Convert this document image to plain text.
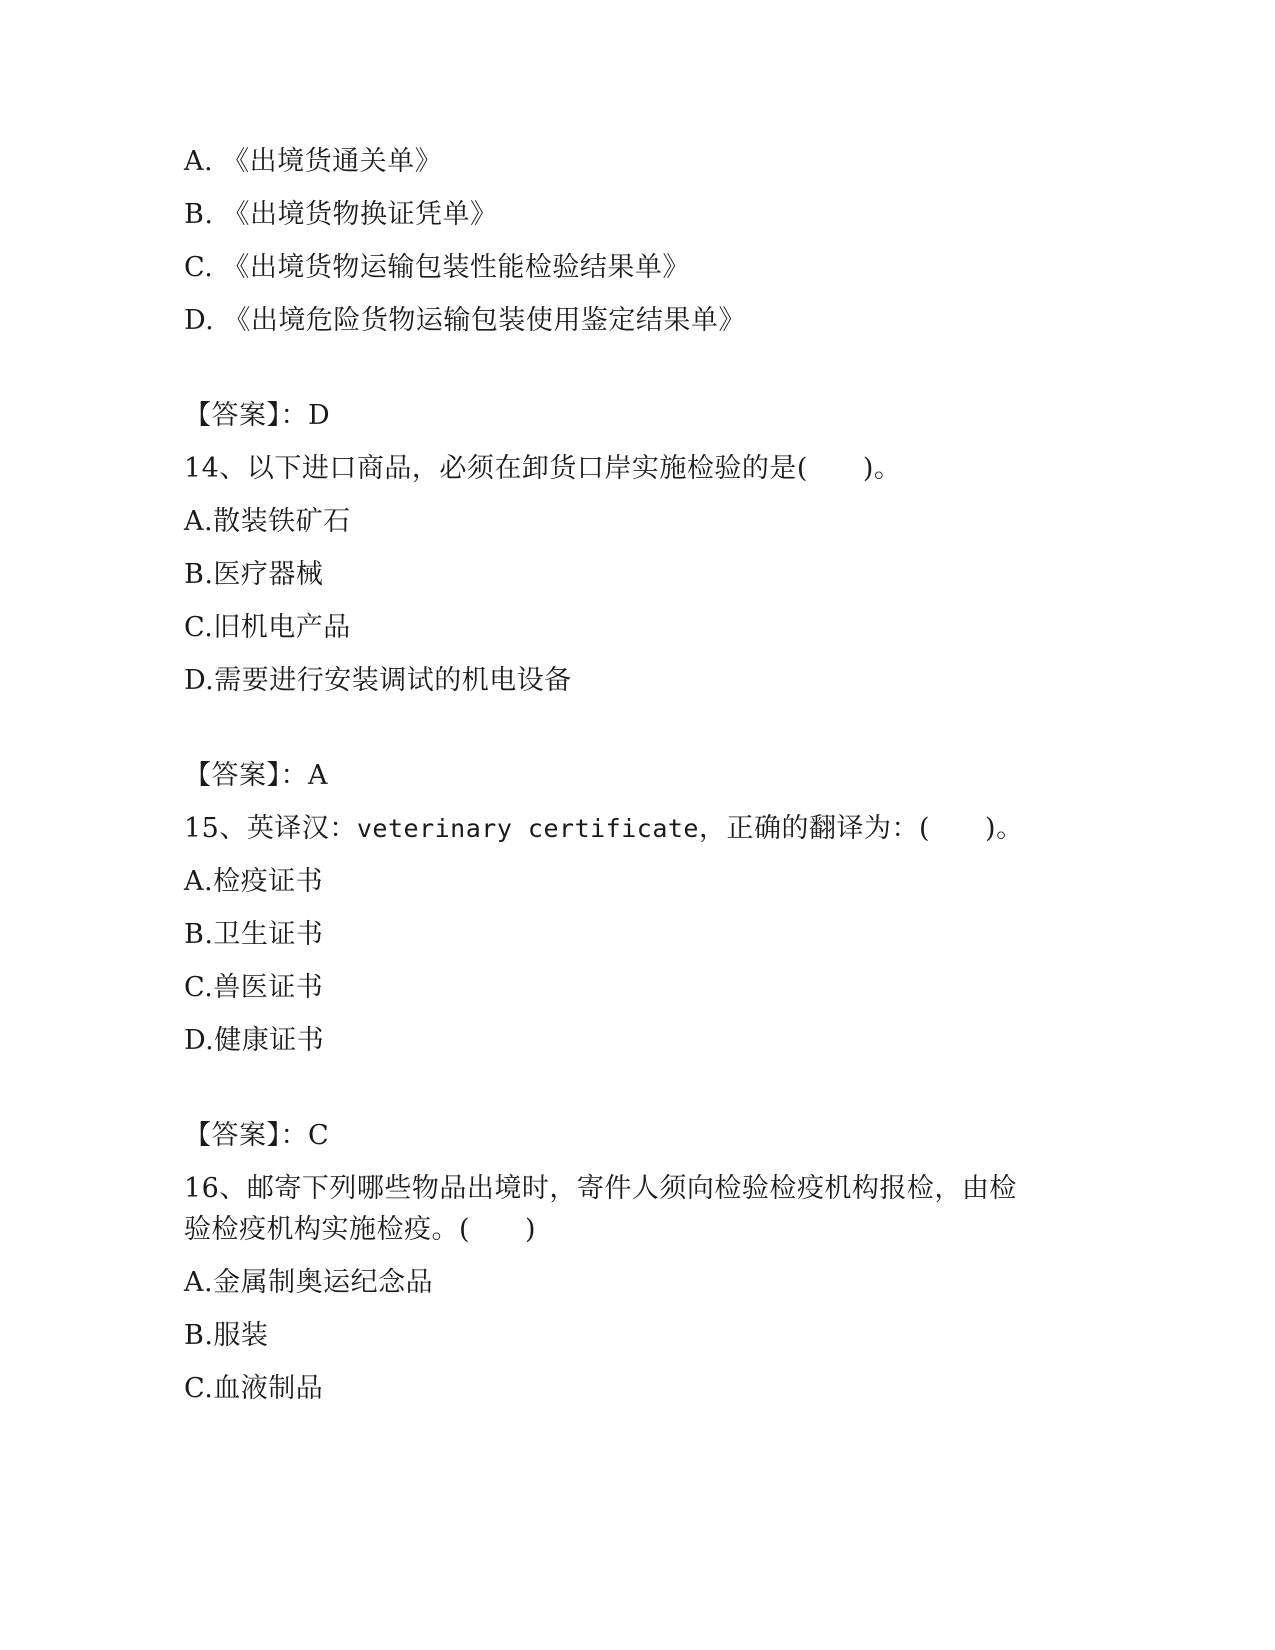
A. 《出境货通关单》
B. 《出境货物换证凭单》
C. 《出境货物运输包装性能检验结果单》
D. 《出境危险货物运输包装使用鉴定结果单》
【答案】：D
14、以下进口商品，必须在卸货口岸实施检验的是(　　)。
A.散装铁矿石
B.医疗器械
C.旧机电产品
D.需要进行安装调试的机电设备
【答案】：A
15、英译汉：veterinary certificate，正确的翻译为：(　　)。
A.检疫证书
B.卫生证书
C.兽医证书
D.健康证书
【答案】：C
16、邮寄下列哪些物品出境时，寄件人须向检验检疫机构报检，由检
验检疫机构实施检疫。(　　)
A.金属制奥运纪念品
B.服装
C.血液制品
